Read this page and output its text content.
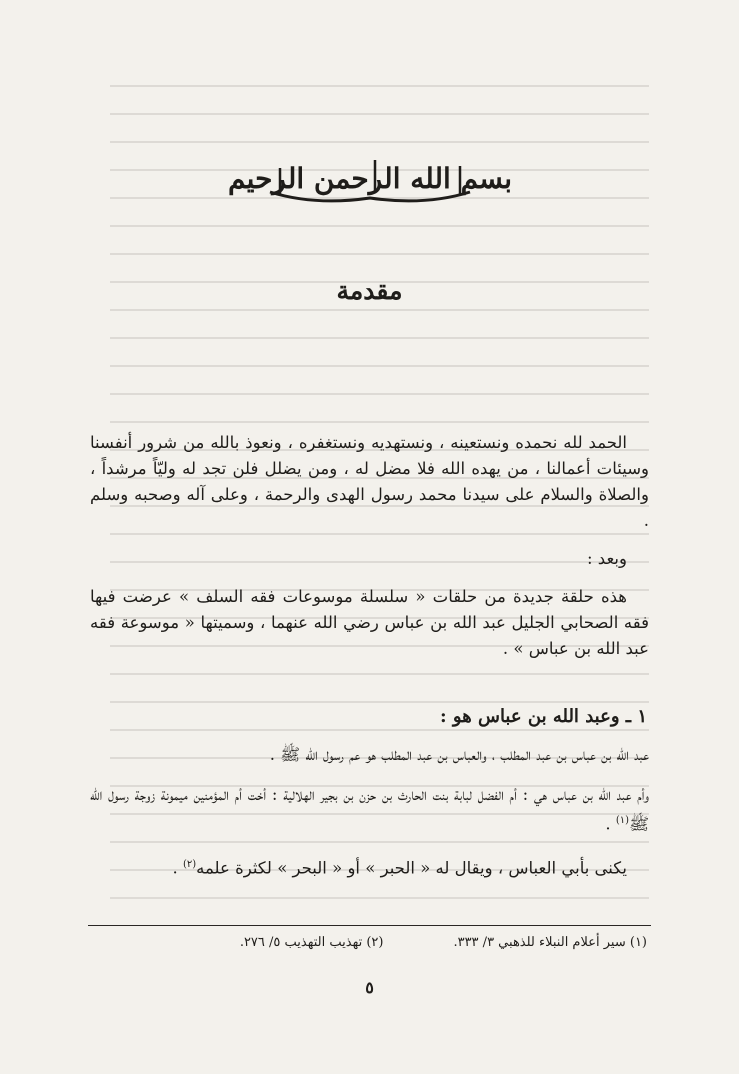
بسم الله الرحمن الرحيم
مقدمة

الحمد لله نحمده ونستعينه ، ونستهديه ونستغفره ، ونعوذ بالله من شرور أنفسنا وسيئات أعمالنا ، من يهده الله فلا مضل له ، ومن يضلل فلن تجد له وليّاً مرشداً ، والصلاة والسلام على سيدنا محمد رسول الهدى والرحمة ، وعلى آله وصحبه وسلم .

وبعد :

هذه حلقة جديدة من حلقات « سلسلة موسوعات فقه السلف » عرضت فيها فقه الصحابي الجليل عبد الله بن عباس رضي الله عنهما ، وسميتها « موسوعة فقه عبد الله بن عباس » .

١ ـ وعبد الله بن عباس هو :

عبد الله بن عباس بن عبد المطلب ، والعباس بن عبد المطلب هو عم رسول الله ﷺ .

وأم عبد الله بن عباس هي : أم الفضل لبابة بنت الحارث بن حزن بن بجير الهلالية : أخت أم المؤمنين ميمونة زوجة رسول الله ﷺ$^{(١)}$ .

يكنى بأبي العباس ، ويقال له « الحبر » أو « البحر » لكثرة علمه$^{(٢)}$ .

(١) سير أعلام النبلاء للذهبي ٣/ ٣٣٣.
(٢) تهذيب التهذيب ٥/ ٢٧٦.
٥
